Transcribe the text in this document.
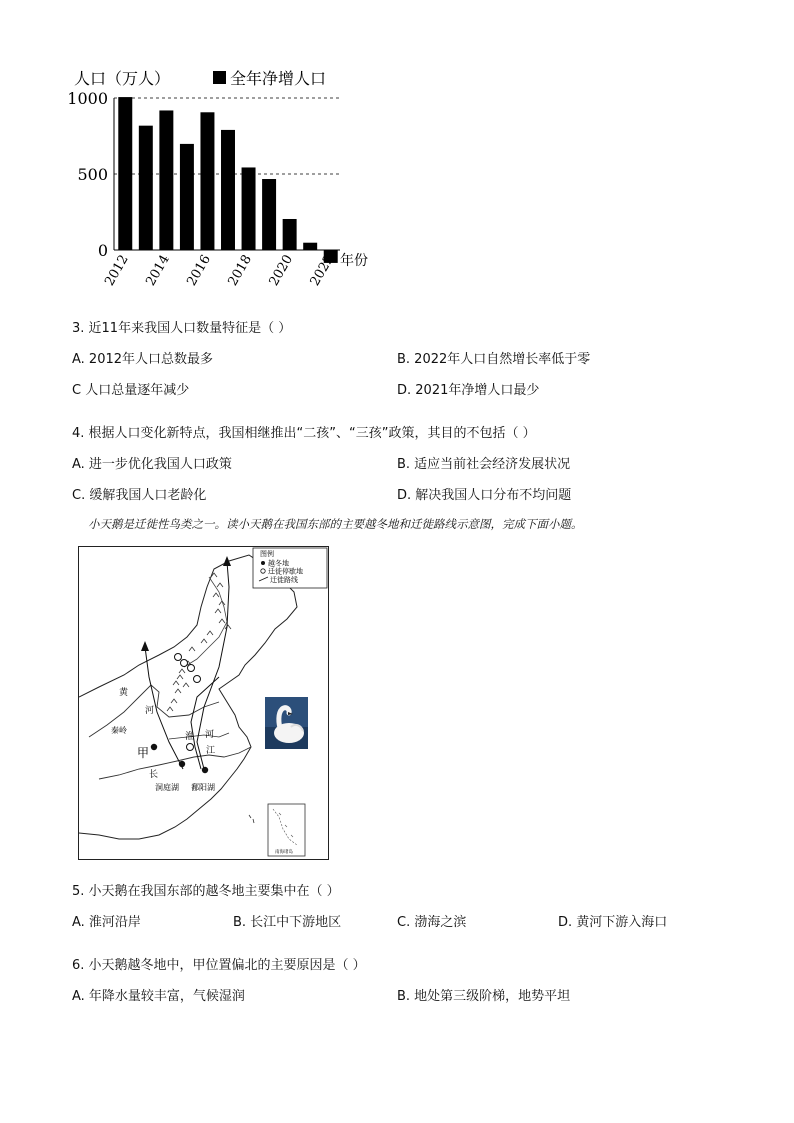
人口（万人）	全年净增人口
0
500
1000
2012 2014 2016 2018 2020 2022 年份
3. 近11年来我国人口数量特征是（ ）
A. 2012年人口总数最多	B. 2022年人口自然增长率低于零
C 人口总量逐年减少	D. 2021年净增人口最少
4. 根据人口变化新特点，我国相继推出“二孩”、“三孩”政策，其目的不包括（ ）
A. 进一步优化我国人口政策	B. 适应当前社会经济发展状况
C. 缓解我国人口老龄化	D. 解决我国人口分布不均问题
小天鹅是迁徙性鸟类之一。读小天鹅在我国东部的主要越冬地和迁徙路线示意图，完成下面小题。
黄
河
秦岭
甲
淮 河
江
长
洞庭湖 鄱阳湖
图例
越冬地
迁徙停歇地
迁徙路线
南海诸岛
5. 小天鹅在我国东部的越冬地主要集中在（ ）
A. 淮河沿岸	B. 长江中下游地区	C. 渤海之滨	D. 黄河下游入海口
6. 小天鹅越冬地中，甲位置偏北的主要原因是（ ）
A. 年降水量较丰富，气候湿润	B. 地处第三级阶梯，地势平坦
